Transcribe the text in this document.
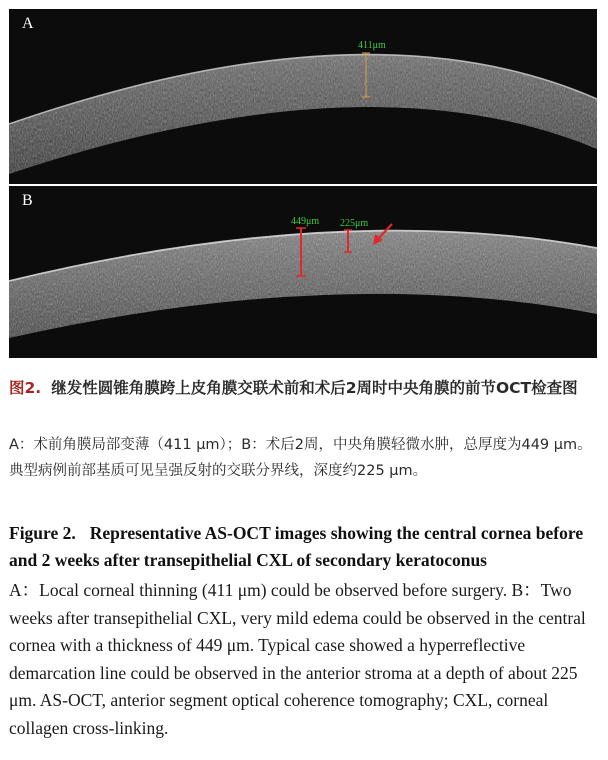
411μm
A
449μm 225μm
B

图2. 继发性圆锥角膜跨上皮角膜交联术前和术后2周时中央角膜的前节OCT检查图

A：术前角膜局部变薄（411 μm）；B：术后2周，中央角膜轻微水肿，总厚度为449 μm。典型病例前部基质可见呈强反射的交联分界线，深度约225 μm。

Figure 2. Representative AS-OCT images showing the central cornea before and 2 weeks after transepithelial CXL of secondary keratoconus

A：Local corneal thinning (411 μm) could be observed before surgery. B：Two weeks after transepithelial CXL, very mild edema could be observed in the central cornea with a thickness of 449 μm. Typical case showed a hyperreflective demarcation line could be observed in the anterior stroma at a depth of about 225 μm. AS-OCT, anterior segment optical coherence tomography; CXL, corneal collagen cross-linking.
